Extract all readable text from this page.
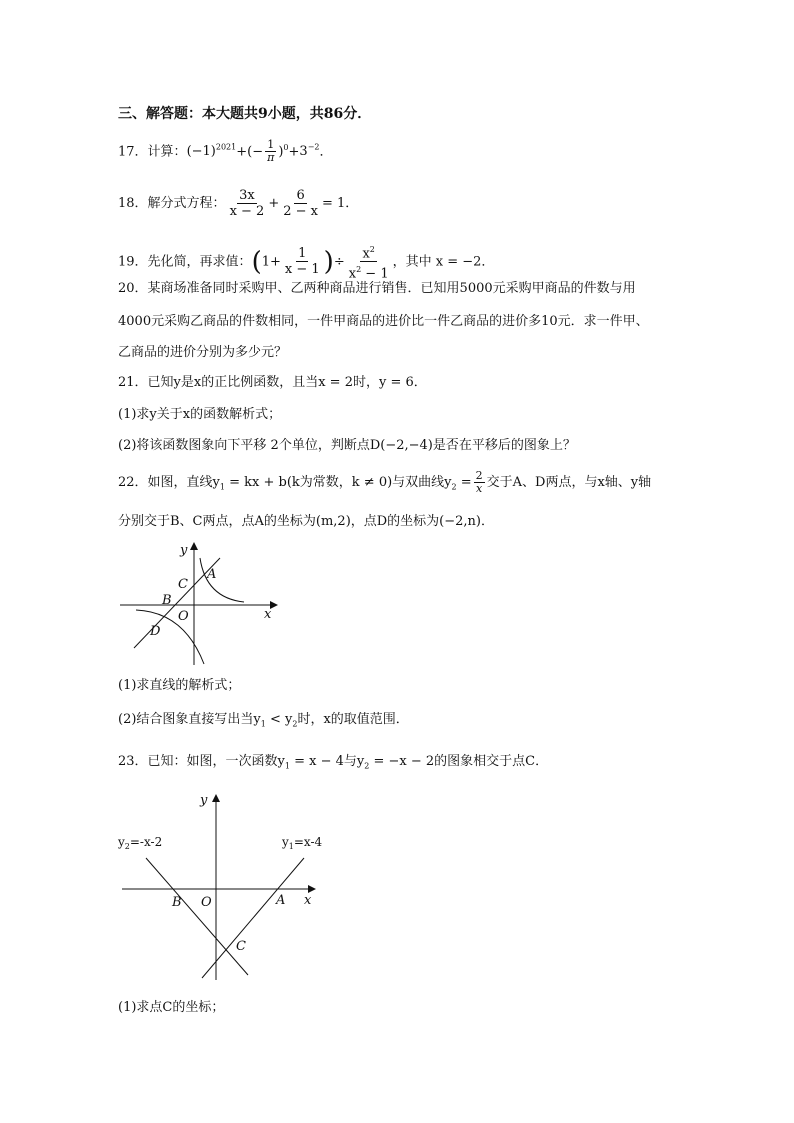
三、解答题：本大题共9小题，共86分．
17．计算：$(-1)^{2021}+(- \frac{1}{\pi} )^0+3^{-2}$．
18．解分式方程： $\frac{3x}{x - 2} + \frac{6}{2 - x} = 1$．
19．先化简，再求值：($1+ \frac{1}{x - 1}$ )÷ $\frac{x^2}{x^2 - 1}$ ，其中 x = −2．
20．某商场准备同时采购甲、乙两种商品进行销售．已知用5000元采购甲商品的件数与用
4000元采购乙商品的件数相同，一件甲商品的进价比一件乙商品的进价多10元．求一件甲、
乙商品的进价分别为多少元？
21．已知y是x的正比例函数，且当x = 2时，y = 6．
(1)求y关于x的函数解析式；
(2)将该函数图象向下平移 2个单位，判断点D(−2,−4)是否在平移后的图象上？
22．如图，直线$y_1$ = kx + b(k为常数，k ≠ 0)与双曲线$y_2 = \frac{2}{x}$ 交于A、D两点，与x轴、y轴
分别交于B、C两点，点A的坐标为(m,2)，点D的坐标为(−2,n)．
y
x
O
A
B
C
D
(1)求直线的解析式；
(2)结合图象直接写出当$y_1 < y_2$时，x的取值范围．
23．已知：如图，一次函数$y_1 = x - 4$与$y_2 = -x - 2$的图象相交于点C．
y
x
O
B	A
C
$y_2=-x-2$	$y_1=x-4$
(1)求点C的坐标；
